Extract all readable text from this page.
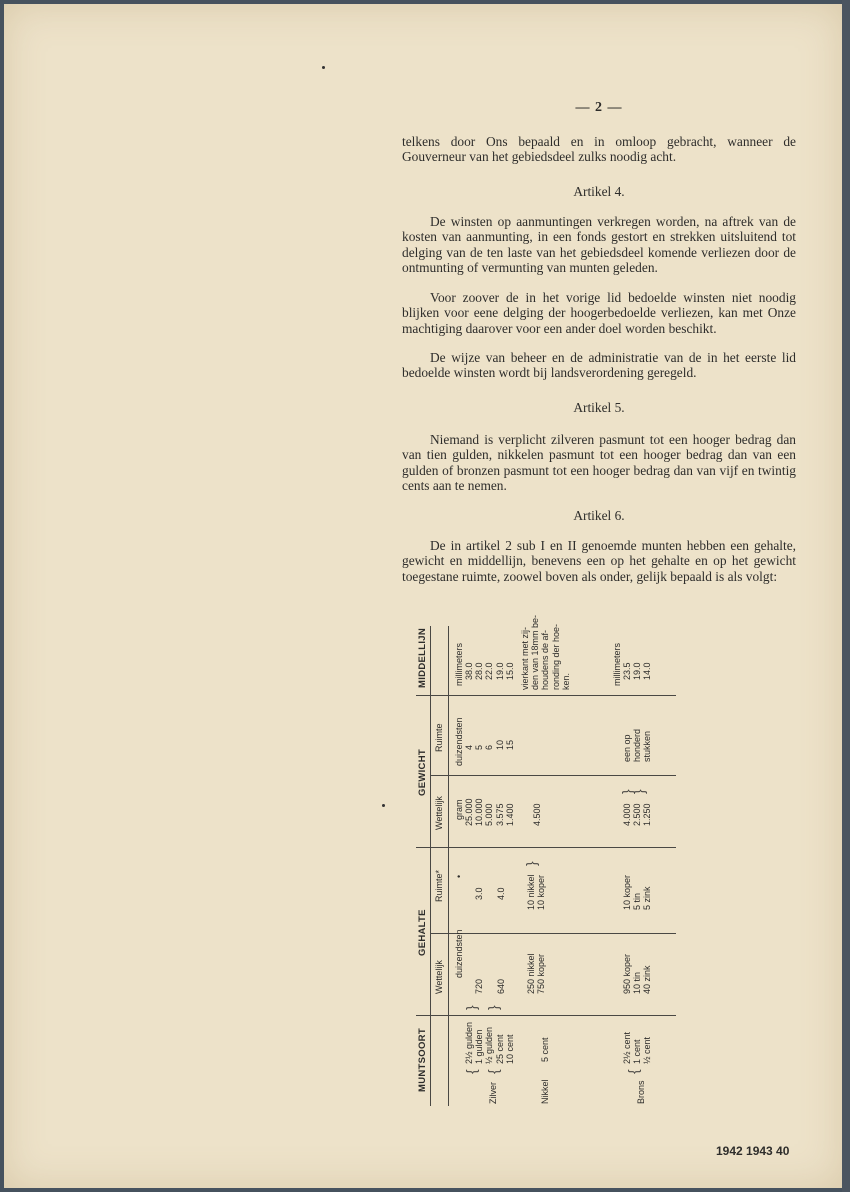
— 2 —
telkens door Ons bepaald en in omloop gebracht, wanneer de Gouverneur van het gebiedsdeel zulks noodig acht.
Artikel 4.
De winsten op aanmuntingen verkregen worden, na aftrek van de kosten van aanmunting, in een fonds gestort en strekken uitsluitend tot delging van de ten laste van het gebiedsdeel komende verliezen door de ontmunting of vermunting van munten geleden.
Voor zoover de in het vorige lid bedoelde winsten niet noodig blijken voor eene delging der hoogerbedoelde verliezen, kan met Onze machtiging daarover voor een ander doel worden beschikt.
De wijze van beheer en de administratie van de in het eerste lid bedoelde winsten wordt bij landsverordening geregeld.
Artikel 5.
Niemand is verplicht zilveren pasmunt tot een hooger bedrag dan van tien gulden, nikkelen pasmunt tot een hooger bedrag dan van een gulden of bronzen pasmunt tot een hooger bedrag dan van vijf en twintig cents aan te nemen.
Artikel 6.
De in artikel 2 sub I en II genoemde munten hebben een gehalte, gewicht en middellijn, benevens een op het gehalte en op het gewicht toegestane ruimte, zoowel boven als onder, gelijk bepaald is als volgt:
MUNTSOORT
GEHALTE
GEWICHT
MIDDELLIJN
Wettelijk
Ruimte*
Wettelijk
Ruimte
duizendsten
•
gram
duizendsten
millimeters
Zilver
{ {
2½ gulden 1 gulden ½ gulden 25 cent 10 cent
} }
720 640
3.0 4.0
25.000 10.000 5.000 3.575 1.400
4 5 6 10 15
38.0 28.0 22.0 19.0 15.0
Nikkel
5 cent
250 nikkel 750 koper
10 nikkel 10 koper
}
4.500
vierkant met zij- den van 18mm be- houdens de af- ronding der hoe- ken.
Brons
{
2½ cent 1 cent ½ cent
950 koper 10 tin 40 zink
10 koper 5 tin 5 zink
4.000 2.500 1.250
}
}
een op honderd stukken
millimeters 23.5 19.0 14.0
1942 1943 40
